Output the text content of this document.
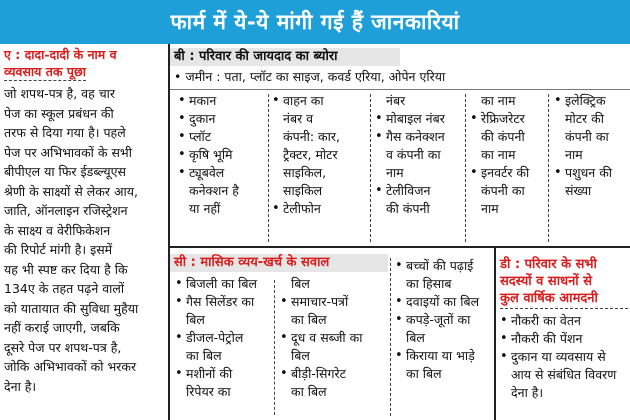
फार्म में ये-ये मांगी गई हैं जानकारियां
ए : दादा-दादी के नाम व
व्यवसाय तक पूछा
जो शपथ-पत्र है, वह चार
पेज का स्कूल प्रबंधन की
तरफ से दिया गया है। पहले
पेज पर अभिभावकों के सभी
बीपीएल या फिर ईडब्ल्यूएस
श्रेणी के साक्ष्यों से लेकर आय,
जाति, ऑनलाइन रजिस्ट्रेशन
के साक्ष्य व वेरीफिकेशन
की रिपोर्ट मांगी है। इसमें
यह भी स्पष्ट कर दिया है कि
134ए के तहत पढ़ने वालों
को यातायात की सुविधा मुहैया
नहीं कराई जाएगी, जबकि
दूसरे पेज पर शपथ-पत्र है,
जोकि अभिभावकों को भरकर
देना है।
बी : परिवार की जायदाद का ब्योरा
• जमीन : पता, प्लॉट का साइज, कवर्ड एरिया, ओपेन एरिया
• मकान
• दुकान
• प्लॉट
• कृषि भूमि
• ट्यूबवेल
कनेक्शन है
या नहीं
• वाहन का
नंबर व
कंपनी: कार,
ट्रैक्टर, मोटर
साइकिल,
साइकिल
• टेलीफोन
नंबर
• मोबाइल नंबर
• गैस कनेक्शन
व कंपनी का
नाम
• टेलीविजन
की कंपनी
का नाम
• रेफ्रिजरेटर
की कंपनी
का नाम
• इनवर्टर की
कंपनी का
नाम
• इलेक्ट्रिक
मोटर की
कंपनी का
नाम
• पशुधन की
संख्या
सी : मासिक व्यय-खर्च के सवाल
• बिजली का बिल
• गैस सिलेंडर का
बिल
• डीजल-पेट्रोल
का बिल
• मशीनों की
रिपेयर का
बिल
• समाचार-पत्रों
का बिल
• दूध व सब्जी का
बिल
• बीड़ी-सिगरेट
का बिल
• बच्चों की पढ़ाई
का हिसाब
• दवाइयों का बिल
• कपड़े-जूतों का
बिल
• किराया या भाड़े
का बिल
डी : परिवार के सभी
सदस्यों व साधनों से
कुल वार्षिक आमदनी
• नौकरी का वेतन
• नौकरी की पेंशन
• दुकान या व्यवसाय से
आय से संबंधित विवरण
देना है।
